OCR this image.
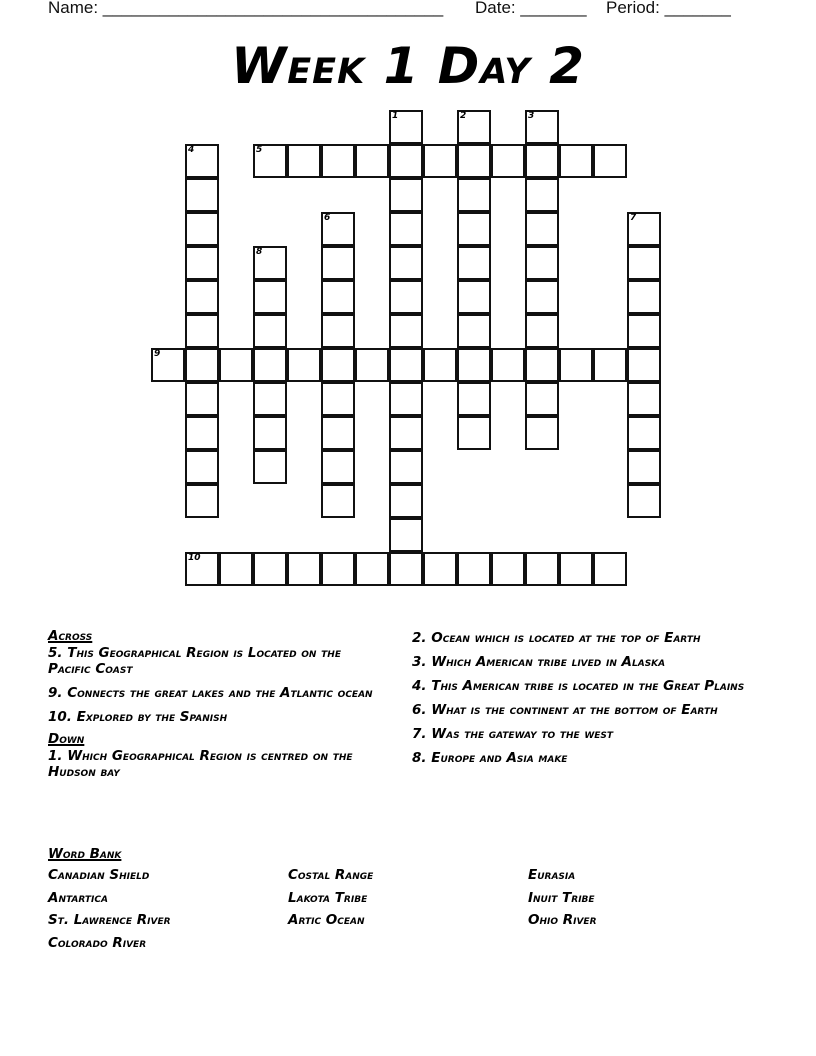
Name: ____________________________________ Date: _______ Period: _______
Week 1 Day 2
1	2	3
4	5
6	7
8
9
10
Across
5. This Geographical Region is Located on the Pacific Coast
9. Connects the great lakes and the Atlantic ocean
10. Explored by the Spanish
Down
1. Which Geographical Region is centred on the Hudson bay
2. Ocean which is located at the top of Earth
3. Which American tribe lived in Alaska
4. This American tribe is located in the Great Plains
6. What is the continent at the bottom of Earth
7. Was the gateway to the west
8. Europe and Asia make
Word Bank
Canadian Shield	Costal Range	Eurasia
Antartica	Lakota Tribe	Inuit Tribe
St. Lawrence River	Artic Ocean	Ohio River
Colorado River
